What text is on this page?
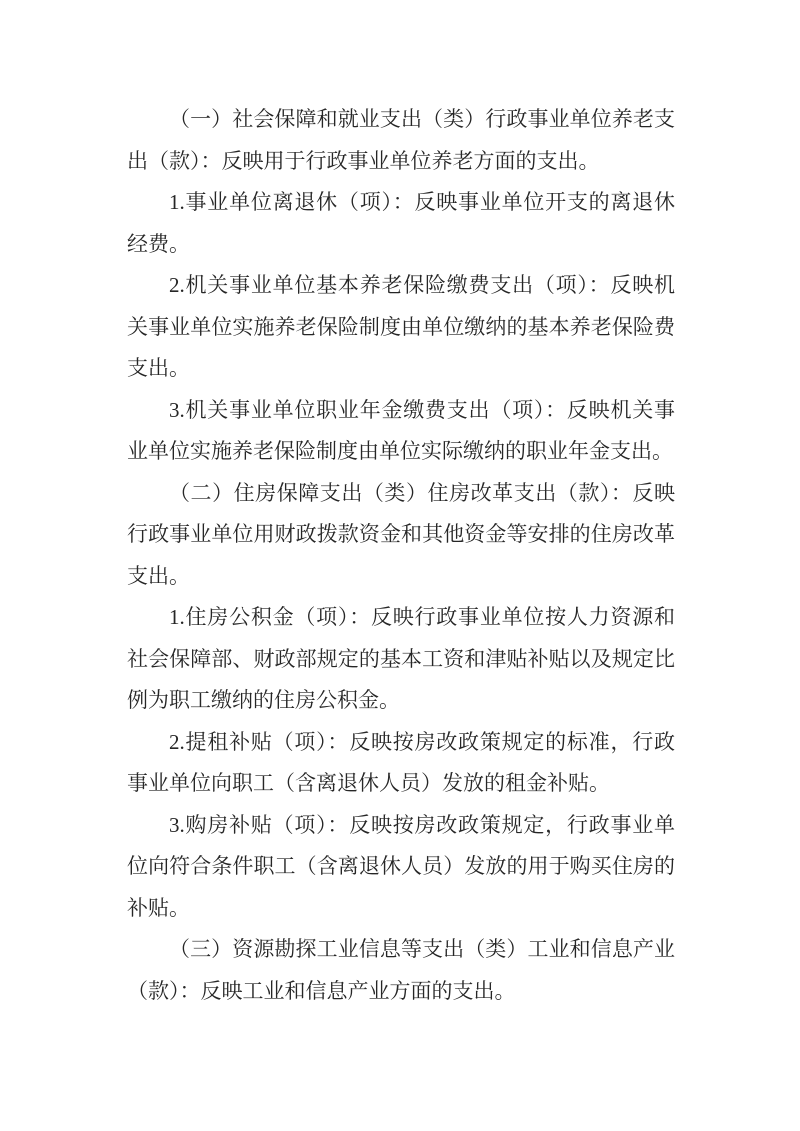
（一）社会保障和就业支出（类）行政事业单位养老支出（款）：反映用于行政事业单位养老方面的支出。

1.事业单位离退休（项）：反映事业单位开支的离退休经费。

2.机关事业单位基本养老保险缴费支出（项）：反映机关事业单位实施养老保险制度由单位缴纳的基本养老保险费支出。

3.机关事业单位职业年金缴费支出（项）：反映机关事业单位实施养老保险制度由单位实际缴纳的职业年金支出。

（二）住房保障支出（类）住房改革支出（款）：反映行政事业单位用财政拨款资金和其他资金等安排的住房改革支出。

1.住房公积金（项）：反映行政事业单位按人力资源和社会保障部、财政部规定的基本工资和津贴补贴以及规定比例为职工缴纳的住房公积金。

2.提租补贴（项）：反映按房改政策规定的标准，行政事业单位向职工（含离退休人员）发放的租金补贴。

3.购房补贴（项）：反映按房改政策规定，行政事业单位向符合条件职工（含离退休人员）发放的用于购买住房的补贴。

（三）资源勘探工业信息等支出（类）工业和信息产业（款）：反映工业和信息产业方面的支出。
